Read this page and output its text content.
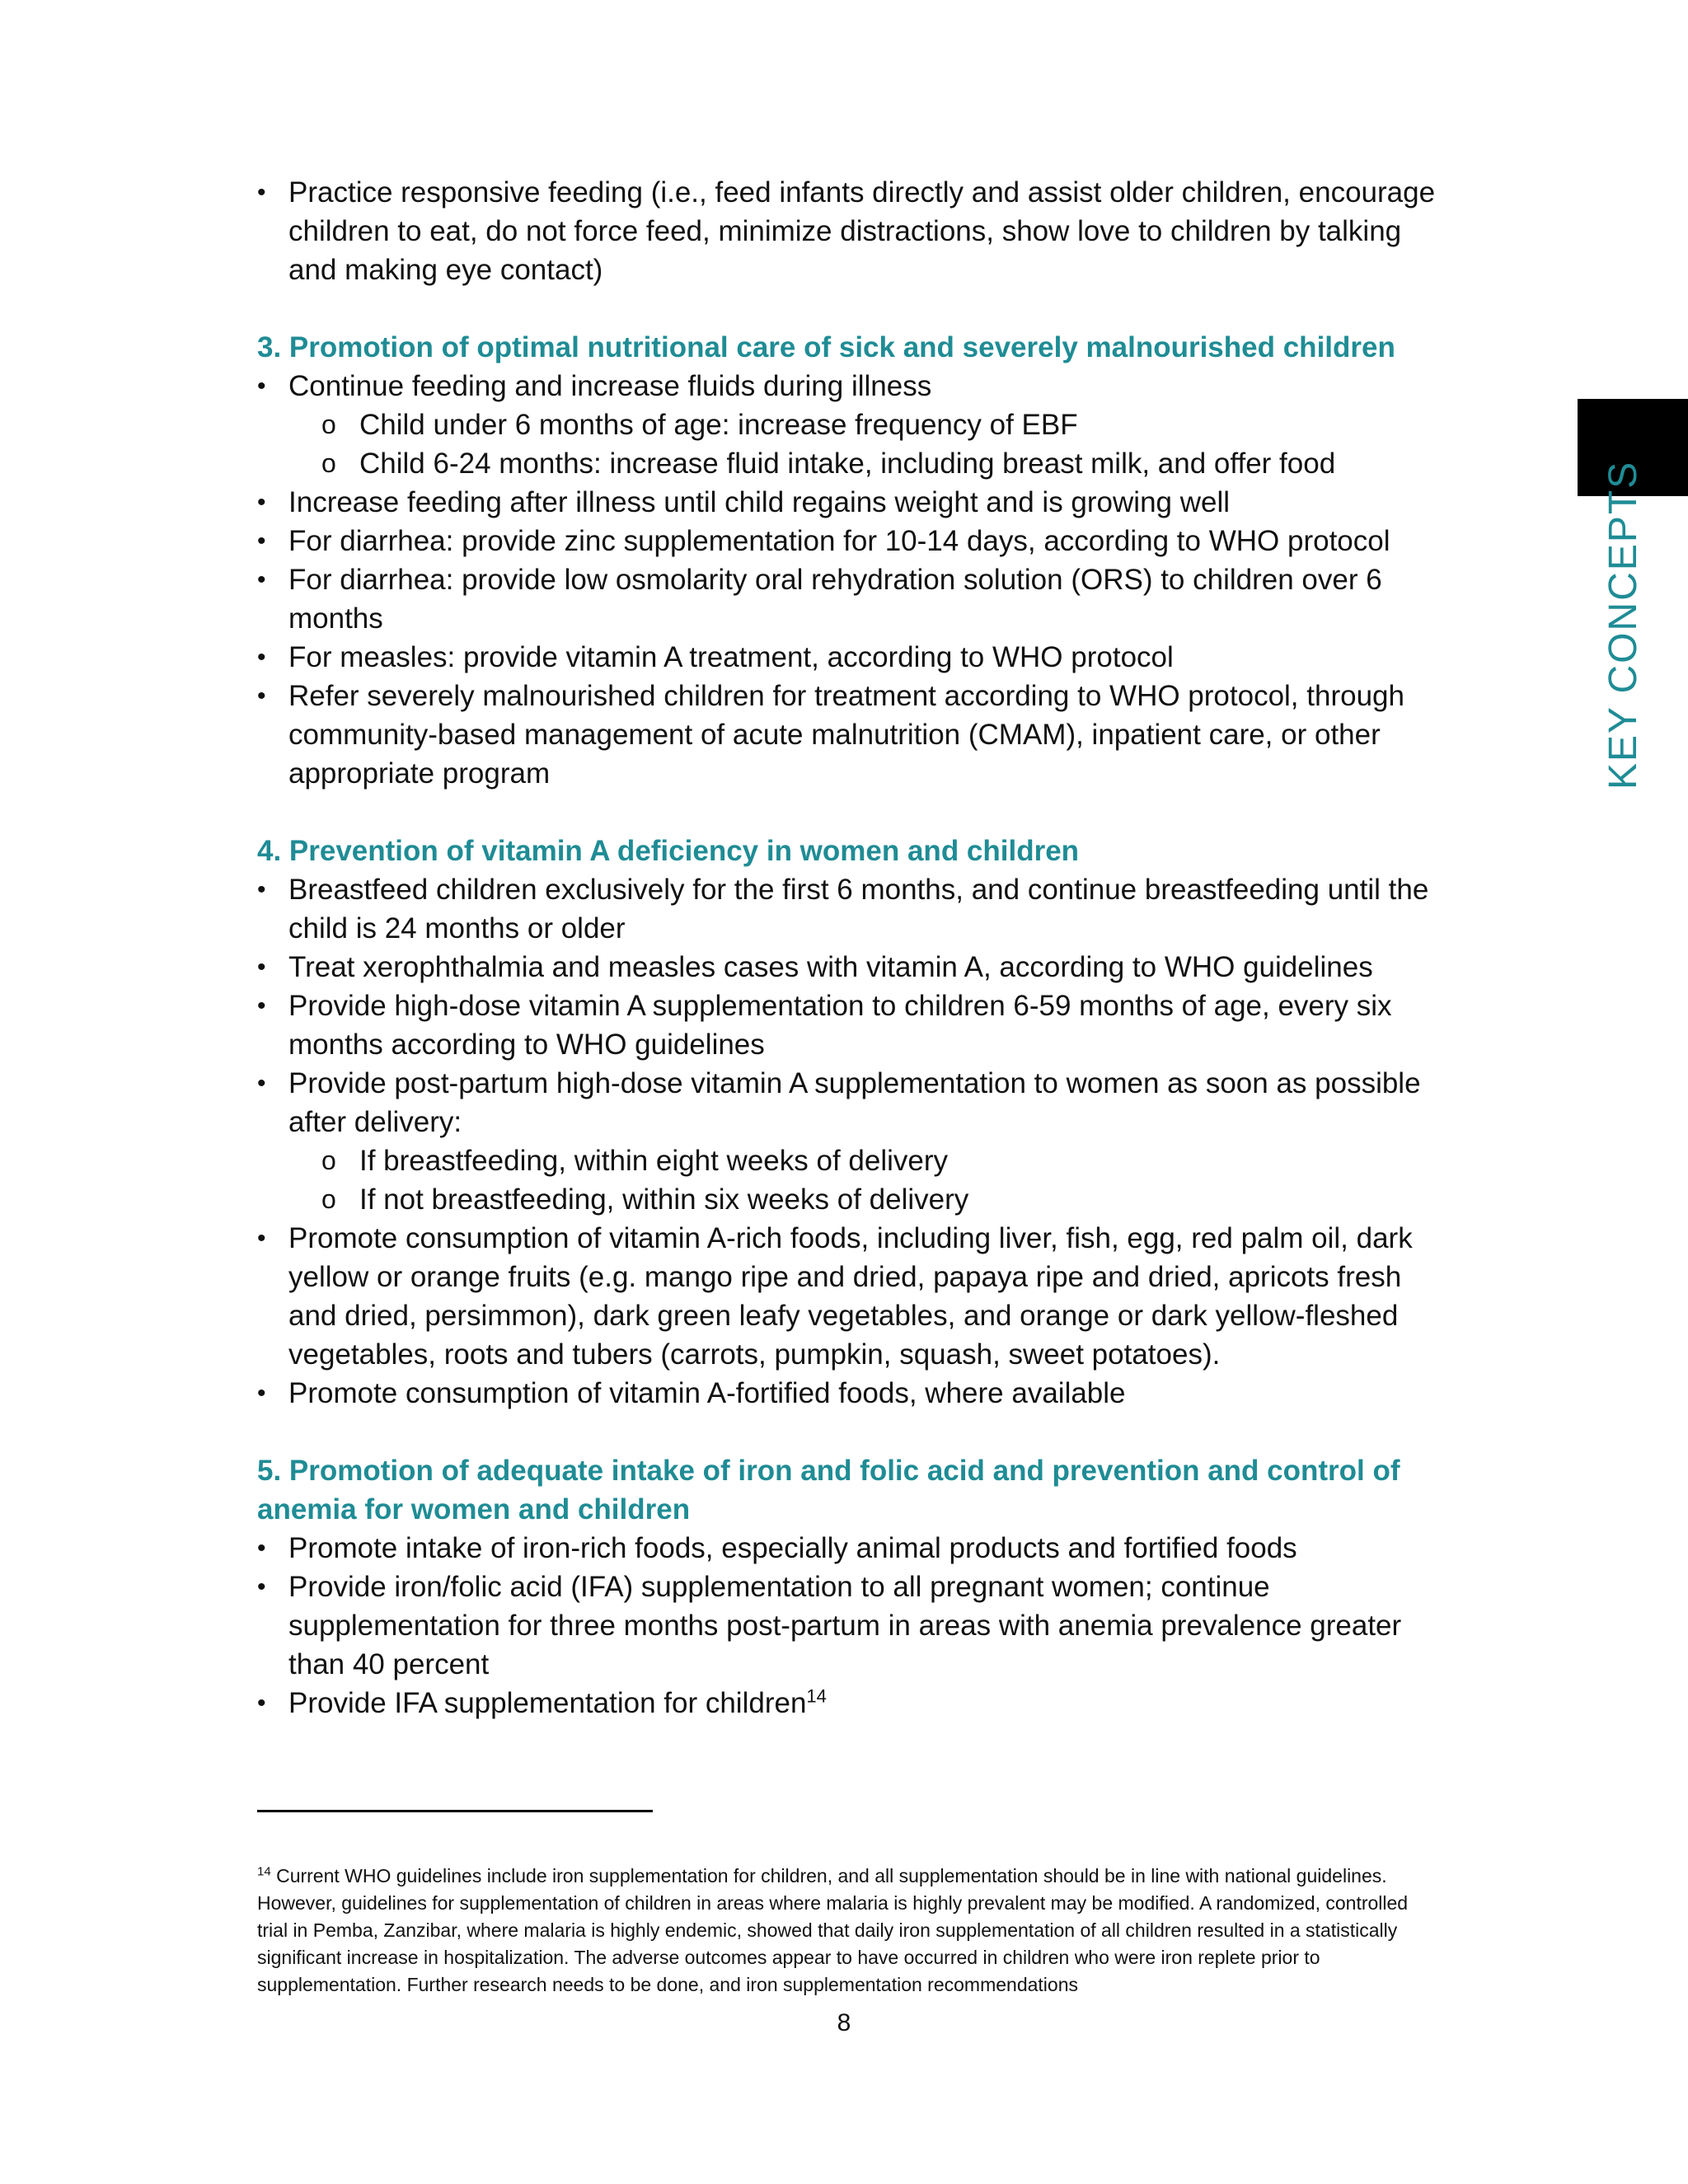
• Practice responsive feeding (i.e., feed infants directly and assist older children, encourage children to eat, do not force feed, minimize distractions, show love to children by talking and making eye contact)

3. Promotion of optimal nutritional care of sick and severely malnourished children

• Continue feeding and increase fluids during illness

o Child under 6 months of age: increase frequency of EBF

o Child 6-24 months: increase fluid intake, including breast milk, and offer food

• Increase feeding after illness until child regains weight and is growing well

• For diarrhea: provide zinc supplementation for 10-14 days, according to WHO protocol

• For diarrhea: provide low osmolarity oral rehydration solution (ORS) to children over 6 months

• For measles: provide vitamin A treatment, according to WHO protocol

• Refer severely malnourished children for treatment according to WHO protocol, through community-based management of acute malnutrition (CMAM), inpatient care, or other appropriate program

4. Prevention of vitamin A deficiency in women and children

• Breastfeed children exclusively for the first 6 months, and continue breastfeeding until the child is 24 months or older

• Treat xerophthalmia and measles cases with vitamin A, according to WHO guidelines

• Provide high-dose vitamin A supplementation to children 6-59 months of age, every six months according to WHO guidelines

• Provide post-partum high-dose vitamin A supplementation to women as soon as possible after delivery:

o If breastfeeding, within eight weeks of delivery

o If not breastfeeding, within six weeks of delivery

• Promote consumption of vitamin A-rich foods, including liver, fish, egg, red palm oil, dark yellow or orange fruits (e.g. mango ripe and dried, papaya ripe and dried, apricots fresh and dried, persimmon), dark green leafy vegetables, and orange or dark yellow-fleshed vegetables, roots and tubers (carrots, pumpkin, squash, sweet potatoes).

• Promote consumption of vitamin A-fortified foods, where available

5. Promotion of adequate intake of iron and folic acid and prevention and control of anemia for women and children

• Promote intake of iron-rich foods, especially animal products and fortified foods

• Provide iron/folic acid (IFA) supplementation to all pregnant women; continue supplementation for three months post-partum in areas with anemia prevalence greater than 40 percent

• Provide IFA supplementation for children$^{14}$

$^{14}$ Current WHO guidelines include iron supplementation for children, and all supplementation should be in line with national guidelines. However, guidelines for supplementation of children in areas where malaria is highly prevalent may be modified. A randomized, controlled trial in Pemba, Zanzibar, where malaria is highly endemic, showed that daily iron supplementation of all children resulted in a statistically significant increase in hospitalization. The adverse outcomes appear to have occurred in children who were iron replete prior to supplementation. Further research needs to be done, and iron supplementation recommendations
8
KEY CONCEPTS
